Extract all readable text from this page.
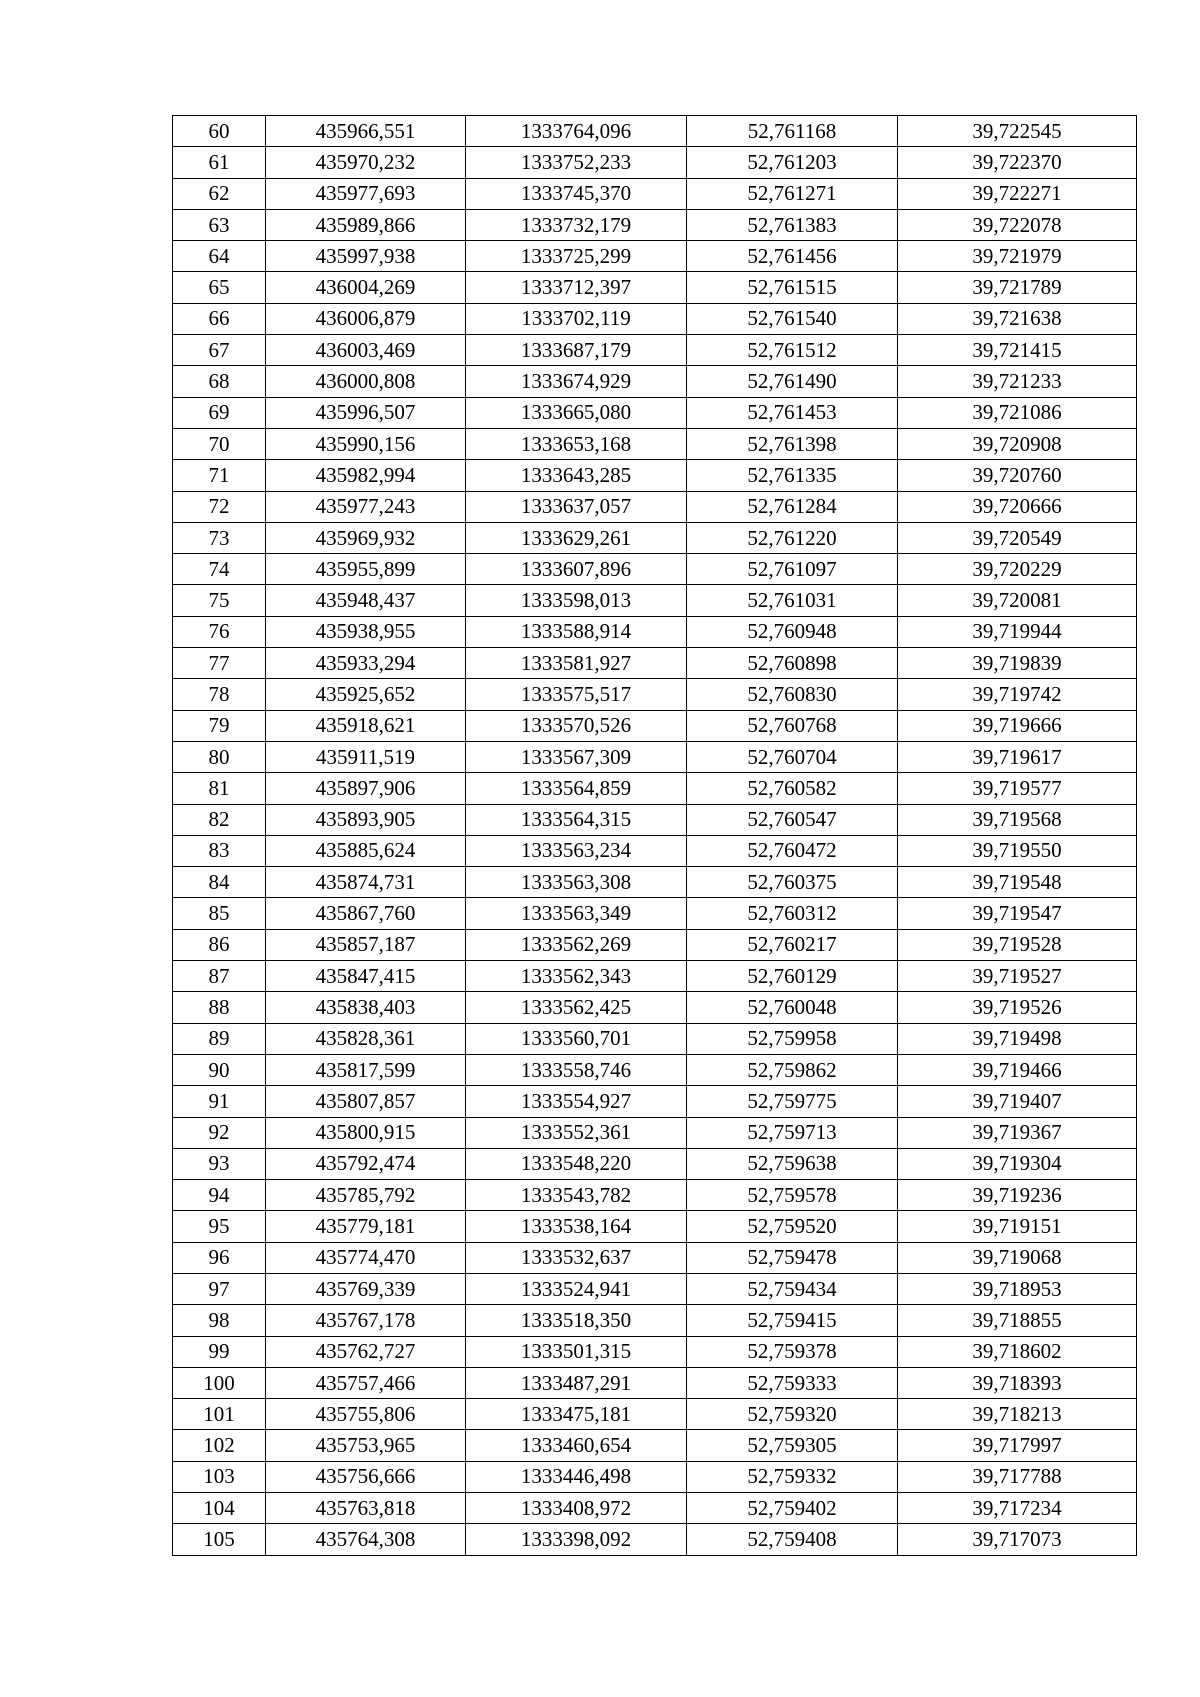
60	435966,551	1333764,096	52,761168	39,722545
61	435970,232	1333752,233	52,761203	39,722370
62	435977,693	1333745,370	52,761271	39,722271
63	435989,866	1333732,179	52,761383	39,722078
64	435997,938	1333725,299	52,761456	39,721979
65	436004,269	1333712,397	52,761515	39,721789
66	436006,879	1333702,119	52,761540	39,721638
67	436003,469	1333687,179	52,761512	39,721415
68	436000,808	1333674,929	52,761490	39,721233
69	435996,507	1333665,080	52,761453	39,721086
70	435990,156	1333653,168	52,761398	39,720908
71	435982,994	1333643,285	52,761335	39,720760
72	435977,243	1333637,057	52,761284	39,720666
73	435969,932	1333629,261	52,761220	39,720549
74	435955,899	1333607,896	52,761097	39,720229
75	435948,437	1333598,013	52,761031	39,720081
76	435938,955	1333588,914	52,760948	39,719944
77	435933,294	1333581,927	52,760898	39,719839
78	435925,652	1333575,517	52,760830	39,719742
79	435918,621	1333570,526	52,760768	39,719666
80	435911,519	1333567,309	52,760704	39,719617
81	435897,906	1333564,859	52,760582	39,719577
82	435893,905	1333564,315	52,760547	39,719568
83	435885,624	1333563,234	52,760472	39,719550
84	435874,731	1333563,308	52,760375	39,719548
85	435867,760	1333563,349	52,760312	39,719547
86	435857,187	1333562,269	52,760217	39,719528
87	435847,415	1333562,343	52,760129	39,719527
88	435838,403	1333562,425	52,760048	39,719526
89	435828,361	1333560,701	52,759958	39,719498
90	435817,599	1333558,746	52,759862	39,719466
91	435807,857	1333554,927	52,759775	39,719407
92	435800,915	1333552,361	52,759713	39,719367
93	435792,474	1333548,220	52,759638	39,719304
94	435785,792	1333543,782	52,759578	39,719236
95	435779,181	1333538,164	52,759520	39,719151
96	435774,470	1333532,637	52,759478	39,719068
97	435769,339	1333524,941	52,759434	39,718953
98	435767,178	1333518,350	52,759415	39,718855
99	435762,727	1333501,315	52,759378	39,718602
100	435757,466	1333487,291	52,759333	39,718393
101	435755,806	1333475,181	52,759320	39,718213
102	435753,965	1333460,654	52,759305	39,717997
103	435756,666	1333446,498	52,759332	39,717788
104	435763,818	1333408,972	52,759402	39,717234
105	435764,308	1333398,092	52,759408	39,717073
